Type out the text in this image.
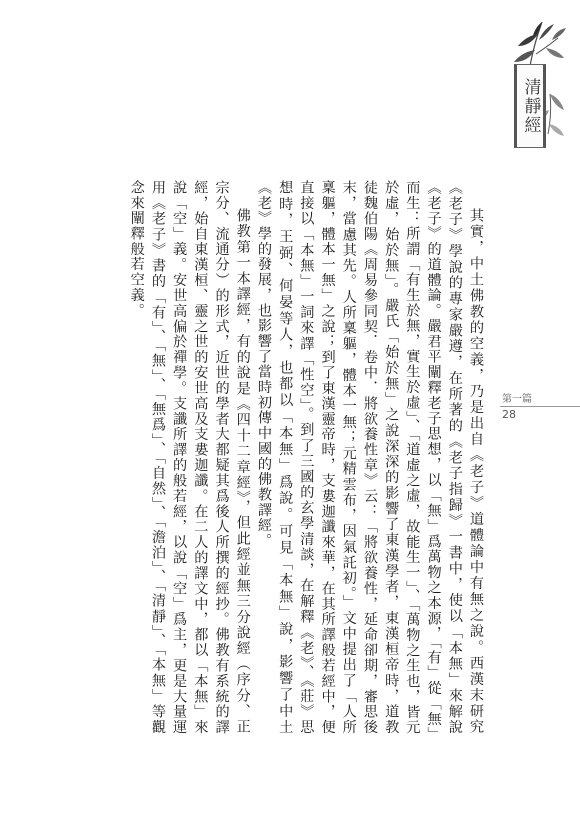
清靜經
第一篇
28

其實，中土佛教的空義，乃是出自《老子》道體論中有無之說。西漢末研究《老子》學說的專家嚴遵，在所著的《老子指歸》一書中，使以「本無」來解說《老子》的道體論。嚴君平闡釋老子思想，以「無」爲萬物之本源，「有」從「無」而生：所謂「有生於無，實生於虛」、「道虛之虛，故能生一」、「萬物之生也，皆元於虛，始於無」。嚴氏「始於無」之說深深的影響了東漢學者，東漢桓帝時，道教徒魏伯陽《周易參同契．卷中．將欲養性章》云：「將欲養性，延命卻期，審思後末，當慮其先。人所稟軀，體本一無；元精雲布，因氣託初。」文中提出了「人所稟軀，體本一無」之說；到了東漢靈帝時，支婁迦讖來華，在其所譯般若經中，便直接以「本無」一詞來譯「性空」。到了三國的玄學清談，在解釋《老》、《莊》思想時，王弼、何晏等人，也都以「本無」爲說。可見「本無」說，影響了中土《老》學的發展，也影響了當時初傳中國的佛教譯經。

佛教第一本譯經，有的說是《四十二章經》，但此經並無三分說經（序分、正宗分、流通分）的形式，近世的學者大都疑其爲後人所撰的經抄。佛教有系統的譯經，始自東漢桓、靈之世的安世高及支婁迦讖。在二人的譯文中，都以「本無」來說「空」義。安世高偏於禪學。支讖所譯的般若經，以說「空」爲主，更是大量運用《老子》書的「有」、「無」、「無爲」、「自然」、「澹泊」、「清靜」、「本無」等觀念來闡釋般若空義。
